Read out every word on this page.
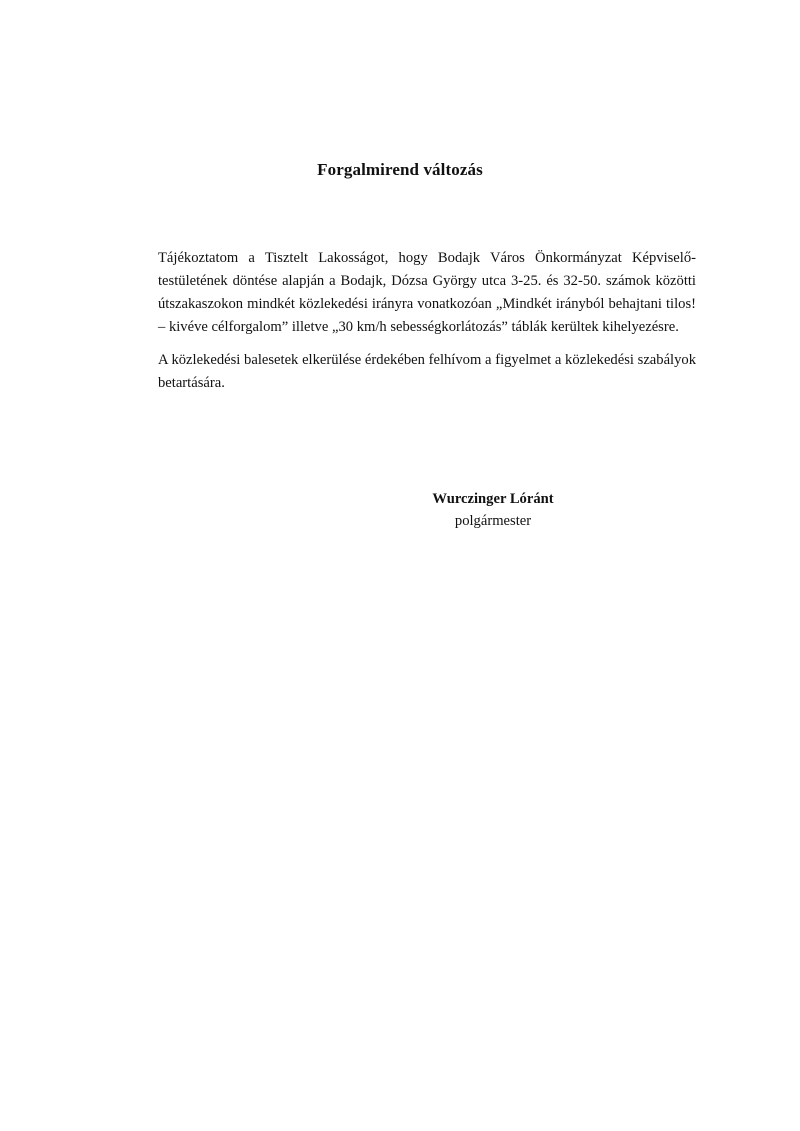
Forgalmirend változás

Tájékoztatom a Tisztelt Lakosságot, hogy Bodajk Város Önkormányzat Képviselő-testületének döntése alapján a Bodajk, Dózsa György utca 3-25. és 32-50. számok közötti útszakaszokon mindkét közlekedési irányra vonatkozóan „Mindkét irányból behajtani tilos! – kivéve célforgalom” illetve „30 km/h sebességkorlátozás” táblák kerültek kihelyezésre.

A közlekedési balesetek elkerülése érdekében felhívom a figyelmet a közlekedési szabályok betartására.

Wurczinger Lóránt
polgármester
